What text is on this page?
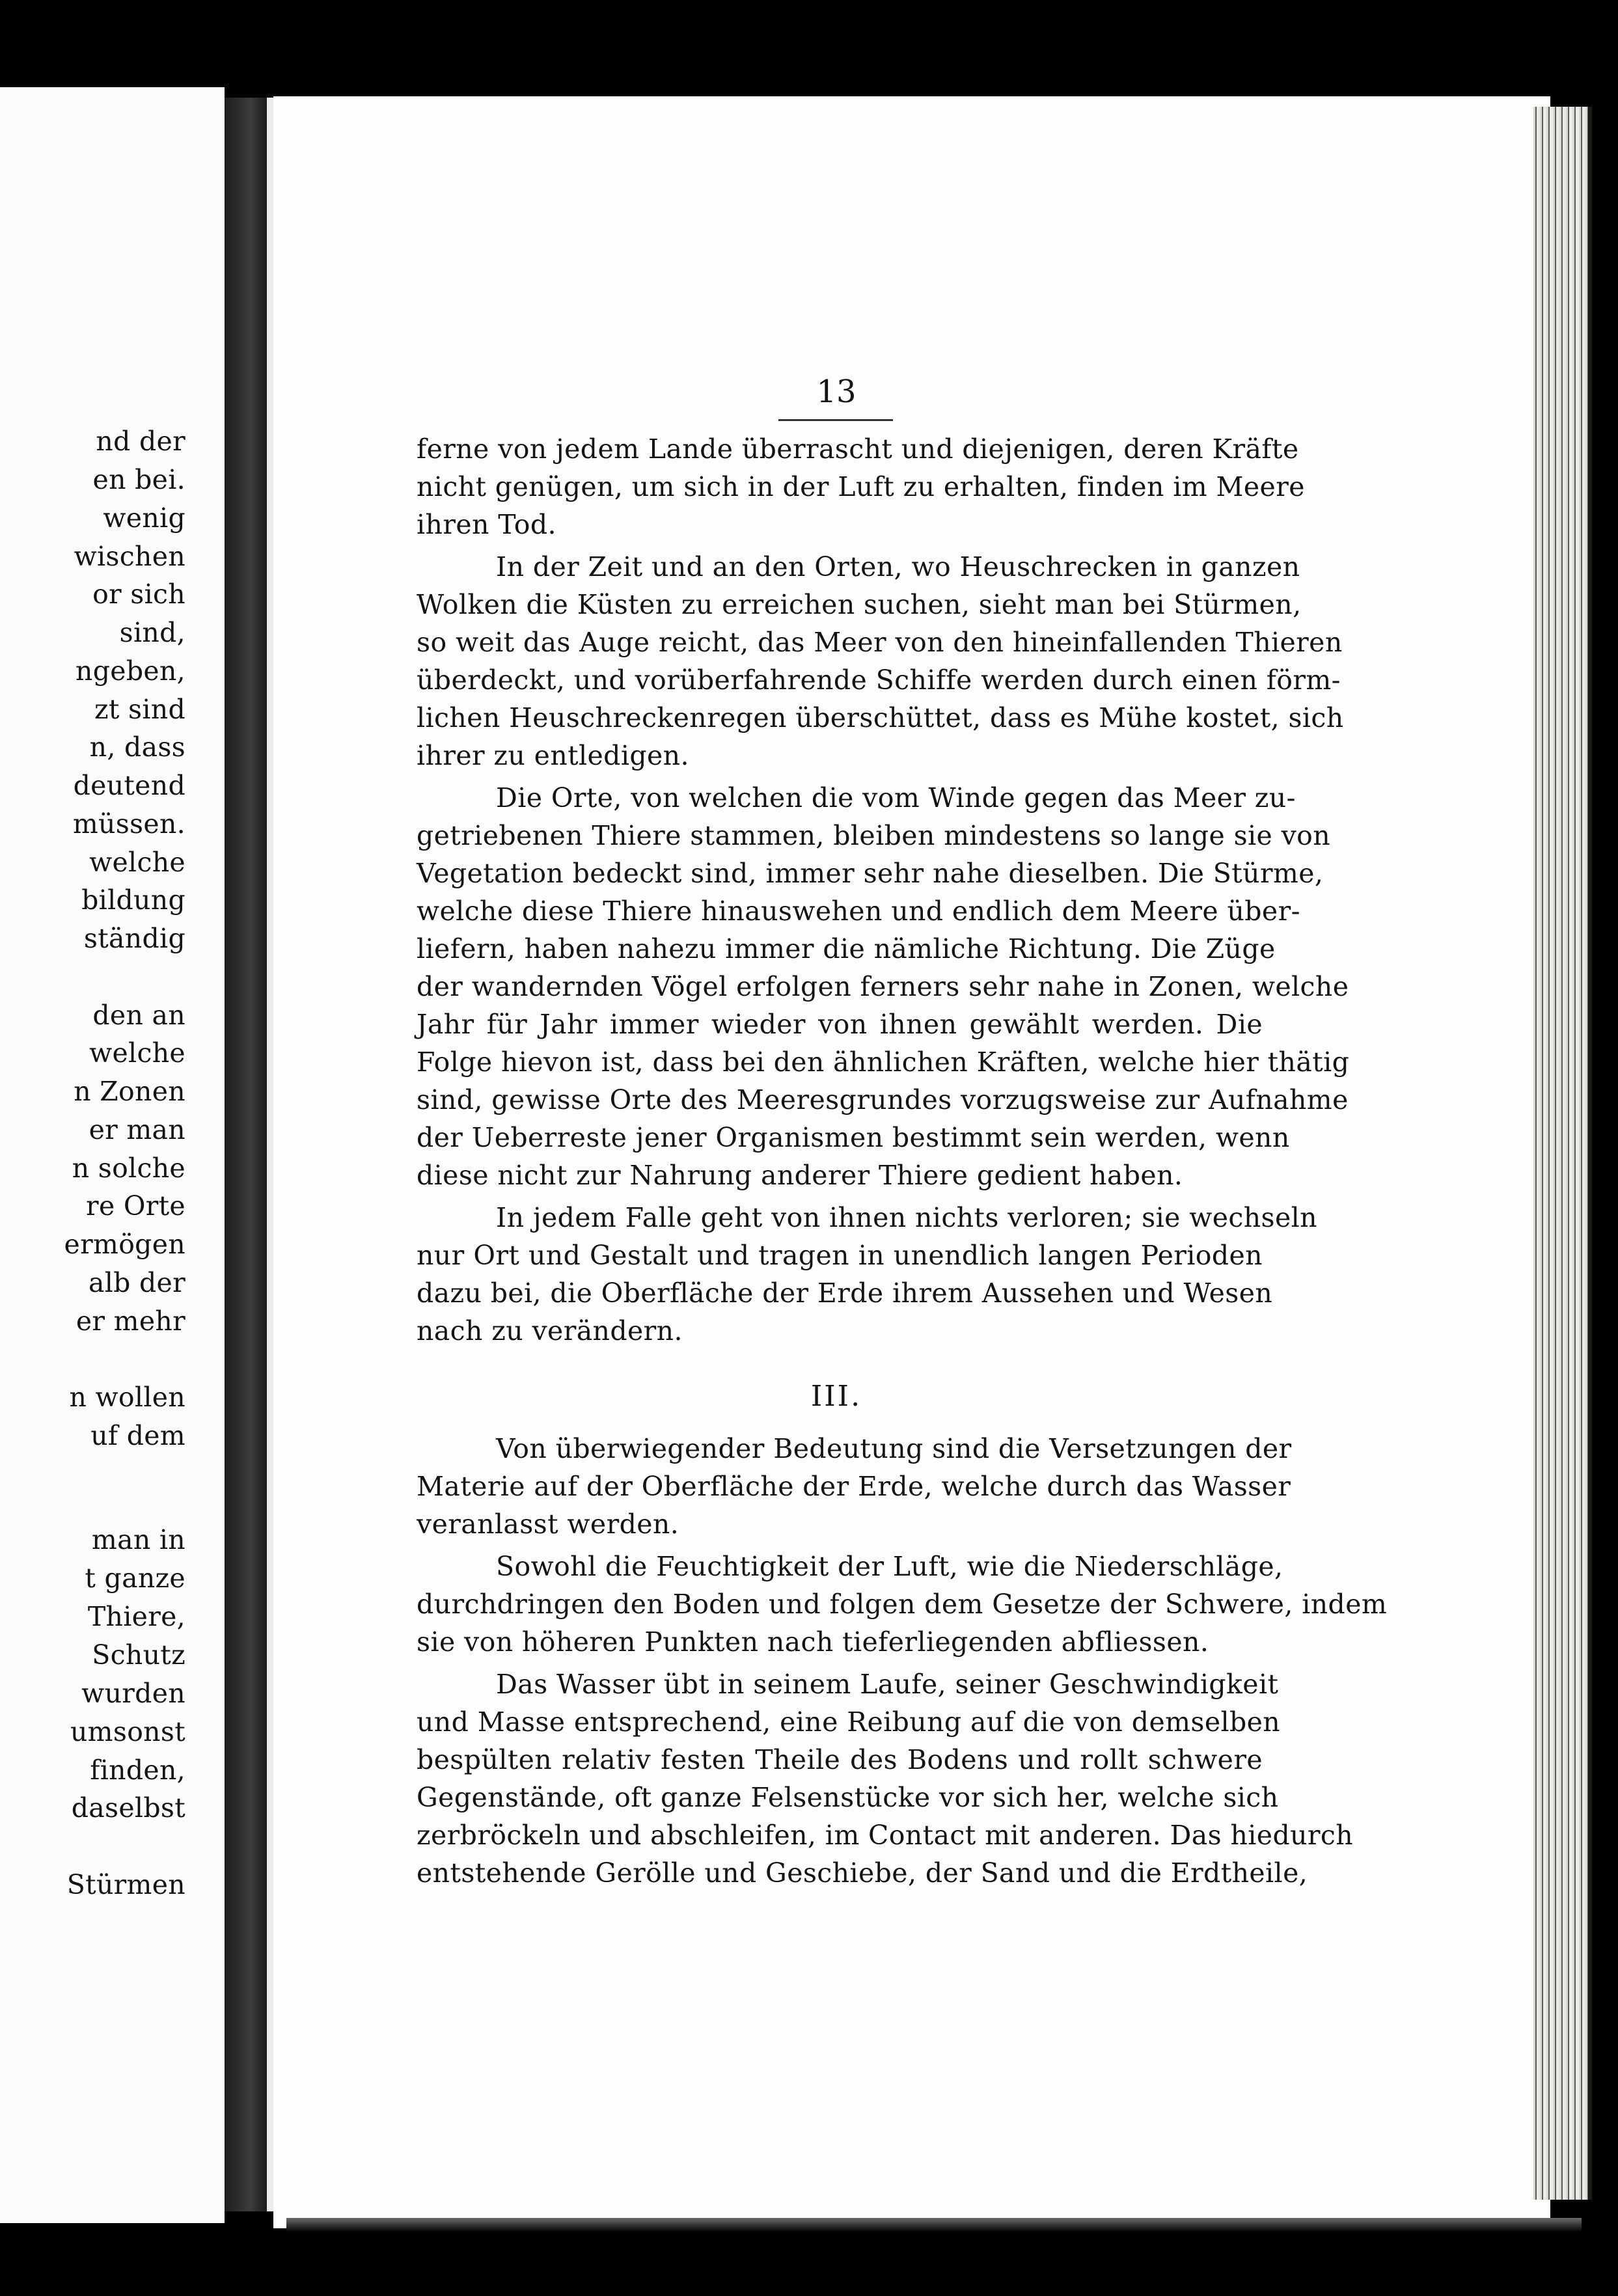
nd der
en bei.
wenig
wischen
or sich
sind,
ngeben,
zt sind
n, dass
deutend
müssen.
welche
bildung
ständig
den an
welche
n Zonen
er man
n solche
re Orte
ermögen
alb der
er mehr
n wollen
uf dem
man in
t ganze
Thiere,
Schutz
wurden
umsonst
finden,
daselbst
Stürmen
13
ferne von jedem Lande überrascht und diejenigen, deren Kräfte
nicht genügen, um sich in der Luft zu erhalten, finden im Meere
ihren Tod.
In der Zeit und an den Orten, wo Heuschrecken in ganzen
Wolken die Küsten zu erreichen suchen, sieht man bei Stürmen,
so weit das Auge reicht, das Meer von den hineinfallenden Thieren
überdeckt, und vorüberfahrende Schiffe werden durch einen förm-
lichen Heuschreckenregen überschüttet, dass es Mühe kostet, sich
ihrer zu entledigen.
Die Orte, von welchen die vom Winde gegen das Meer zu-
getriebenen Thiere stammen, bleiben mindestens so lange sie von
Vegetation bedeckt sind, immer sehr nahe dieselben. Die Stürme,
welche diese Thiere hinauswehen und endlich dem Meere über-
liefern, haben nahezu immer die nämliche Richtung. Die Züge
der wandernden Vögel erfolgen ferners sehr nahe in Zonen, welche
Jahr für Jahr immer wieder von ihnen gewählt werden. Die
Folge hievon ist, dass bei den ähnlichen Kräften, welche hier thätig
sind, gewisse Orte des Meeresgrundes vorzugsweise zur Aufnahme
der Ueberreste jener Organismen bestimmt sein werden, wenn
diese nicht zur Nahrung anderer Thiere gedient haben.
In jedem Falle geht von ihnen nichts verloren; sie wechseln
nur Ort und Gestalt und tragen in unendlich langen Perioden
dazu bei, die Oberfläche der Erde ihrem Aussehen und Wesen
nach zu verändern.
III.
Von überwiegender Bedeutung sind die Versetzungen der
Materie auf der Oberfläche der Erde, welche durch das Wasser
veranlasst werden.
Sowohl die Feuchtigkeit der Luft, wie die Niederschläge,
durchdringen den Boden und folgen dem Gesetze der Schwere, indem
sie von höheren Punkten nach tieferliegenden abfliessen.
Das Wasser übt in seinem Laufe, seiner Geschwindigkeit
und Masse entsprechend, eine Reibung auf die von demselben
bespülten relativ festen Theile des Bodens und rollt schwere
Gegenstände, oft ganze Felsenstücke vor sich her, welche sich
zerbröckeln und abschleifen, im Contact mit anderen. Das hiedurch
entstehende Gerölle und Geschiebe, der Sand und die Erdtheile,
